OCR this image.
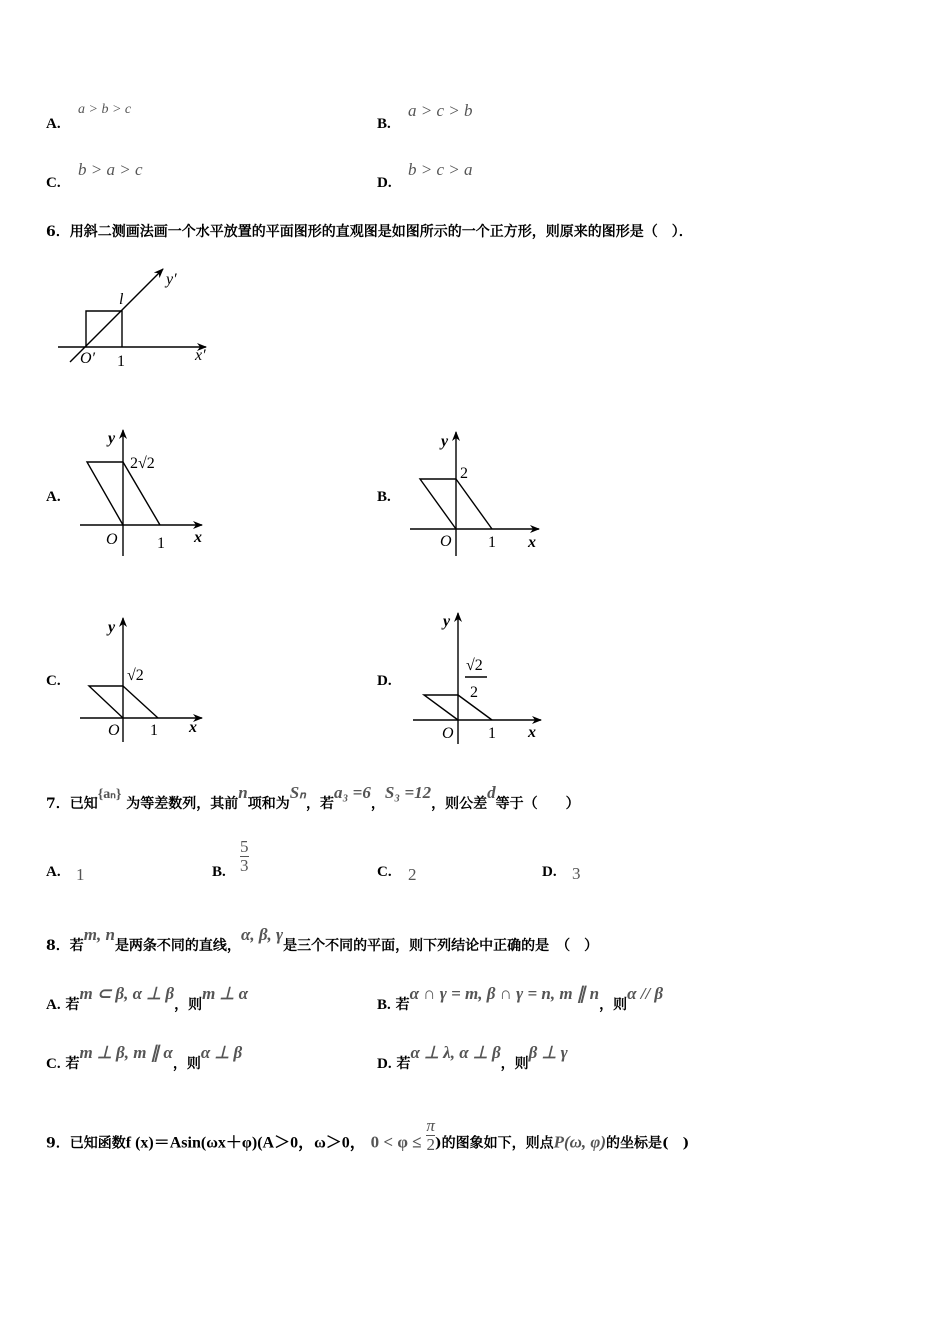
A.
a > b > c
B.
a > c > b
C.
b > a > c
D.
b > c > a
6．用斜二测画法画一个水平放置的平面图形的直观图是如图所示的一个正方形，则原来的图形是（　）．
l
y′
O′ 1	x′
y
2√2
O 1 x
y
2
O 1 x
y
√2
O 1 x
y
√2
2
O 1 x
A.	B.
C.	D.
7．已知{aₙ} 为等差数列，其前n项和为Sₙ，若a₃ =6，S₃ =12，则公差d等于（　　）
A. 1	B. $\frac{5}{3}$	C. 2	D. 3
8．若m, n是两条不同的直线，α, β, γ是三个不同的平面，则下列结论中正确的是　（　）
A. 若m ⊂ β, α ⊥ β，则m ⊥ α
B. 若α ∩ γ = m, β ∩ γ = n, m ∥ n，则α // β
C. 若m ⊥ β, m ∥ α，则α ⊥ β
D. 若α ⊥ λ, α ⊥ β，则β ⊥ γ
9．已知函数f (x)＝Asin(ωx＋φ)(A＞0，ω＞0， $0 < \varphi \le \frac{\pi}{2}$ )的图象如下，则点P(ω, φ)的坐标是(　)
